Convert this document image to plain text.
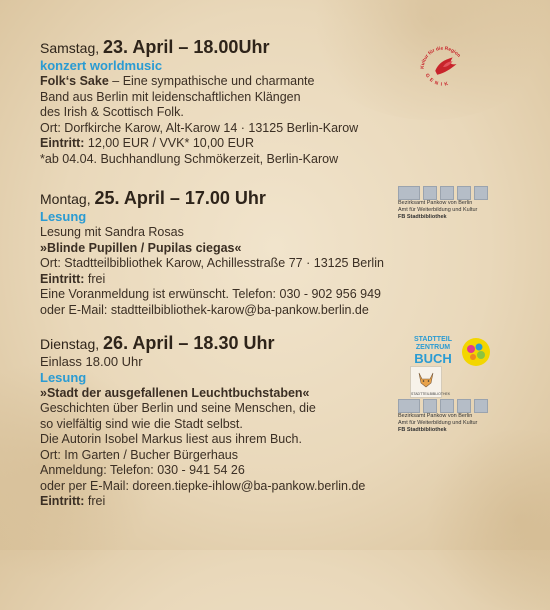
Samstag, 23. April – 18.00Uhr
konzert worldmusic
Folk‘s Sake – Eine sympathische und charmante
Band aus Berlin mit leidenschaftlichen Klängen
des Irish & Scottisch Folk.
Ort: Dorfkirche Karow, Alt-Karow 14 · 13125 Berlin-Karow
Eintritt: 12,00 EUR / VVK* 10,00 EUR
*ab 04.04. Buchhandlung Schmökerzeit, Berlin-Karow
Montag, 25. April – 17.00 Uhr
Lesung
Lesung mit Sandra Rosas
»Blinde Pupillen / Pupilas ciegas«
Ort: Stadtteilbibliothek Karow, Achillesstraße 77 · 13125 Berlin
Eintritt: frei
Eine Voranmeldung ist erwünscht. Telefon: 030 - 902 956 949
oder E-Mail: stadtteilbibliothek-karow@ba-pankow.berlin.de
Dienstag, 26. April – 18.30 Uhr
Einlass 18.00 Uhr
Lesung
»Stadt der ausgefallenen Leuchtbuchstaben«
Geschichten über Berlin und seine Menschen, die
so vielfältig sind wie die Stadt selbst.
Die Autorin Isobel Markus liest aus ihrem Buch.
Ort: Im Garten / Bucher Bürgerhaus
Anmeldung: Telefon: 030 - 941 54 26
oder per E-Mail: doreen.tiepke-ihlow@ba-pankow.berlin.de
Eintritt: frei
Kultur für die Region
GENIK
Bezirksamt Pankow von Berlin
Amt für Weiterbildung und Kultur
FB Stadtbibliothek
STADTTEIL
ZENTRUM
BUCH
STADTTEILBIBLIOTHEK
Bezirksamt Pankow von Berlin
Amt für Weiterbildung und Kultur
FB Stadtbibliothek
